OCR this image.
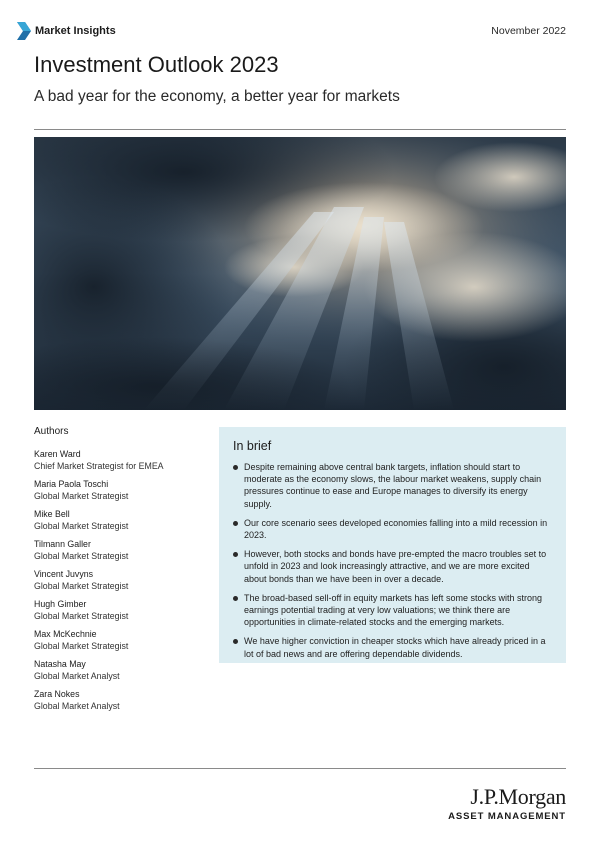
Market Insights	November 2022
Investment Outlook 2023
A bad year for the economy, a better year for markets
Authors
Karen Ward
Chief Market Strategist for EMEA
Maria Paola Toschi
Global Market Strategist
Mike Bell
Global Market Strategist
Tilmann Galler
Global Market Strategist
Vincent Juvyns
Global Market Strategist
Hugh Gimber
Global Market Strategist
Max McKechnie
Global Market Strategist
Natasha May
Global Market Analyst
Zara Nokes
Global Market Analyst
In brief
Despite remaining above central bank targets, inflation should start to moderate as the economy slows, the labour market weakens, supply chain pressures continue to ease and Europe manages to diversify its energy supply.
Our core scenario sees developed economies falling into a mild recession in 2023.
However, both stocks and bonds have pre-empted the macro troubles set to unfold in 2023 and look increasingly attractive, and we are more excited about bonds than we have been in over a decade.
The broad-based sell-off in equity markets has left some stocks with strong earnings potential trading at very low valuations; we think there are opportunities in climate-related stocks and the emerging markets.
We have higher conviction in cheaper stocks which have already priced in a lot of bad news and are offering dependable dividends.
J.P.Morgan
ASSET MANAGEMENT
